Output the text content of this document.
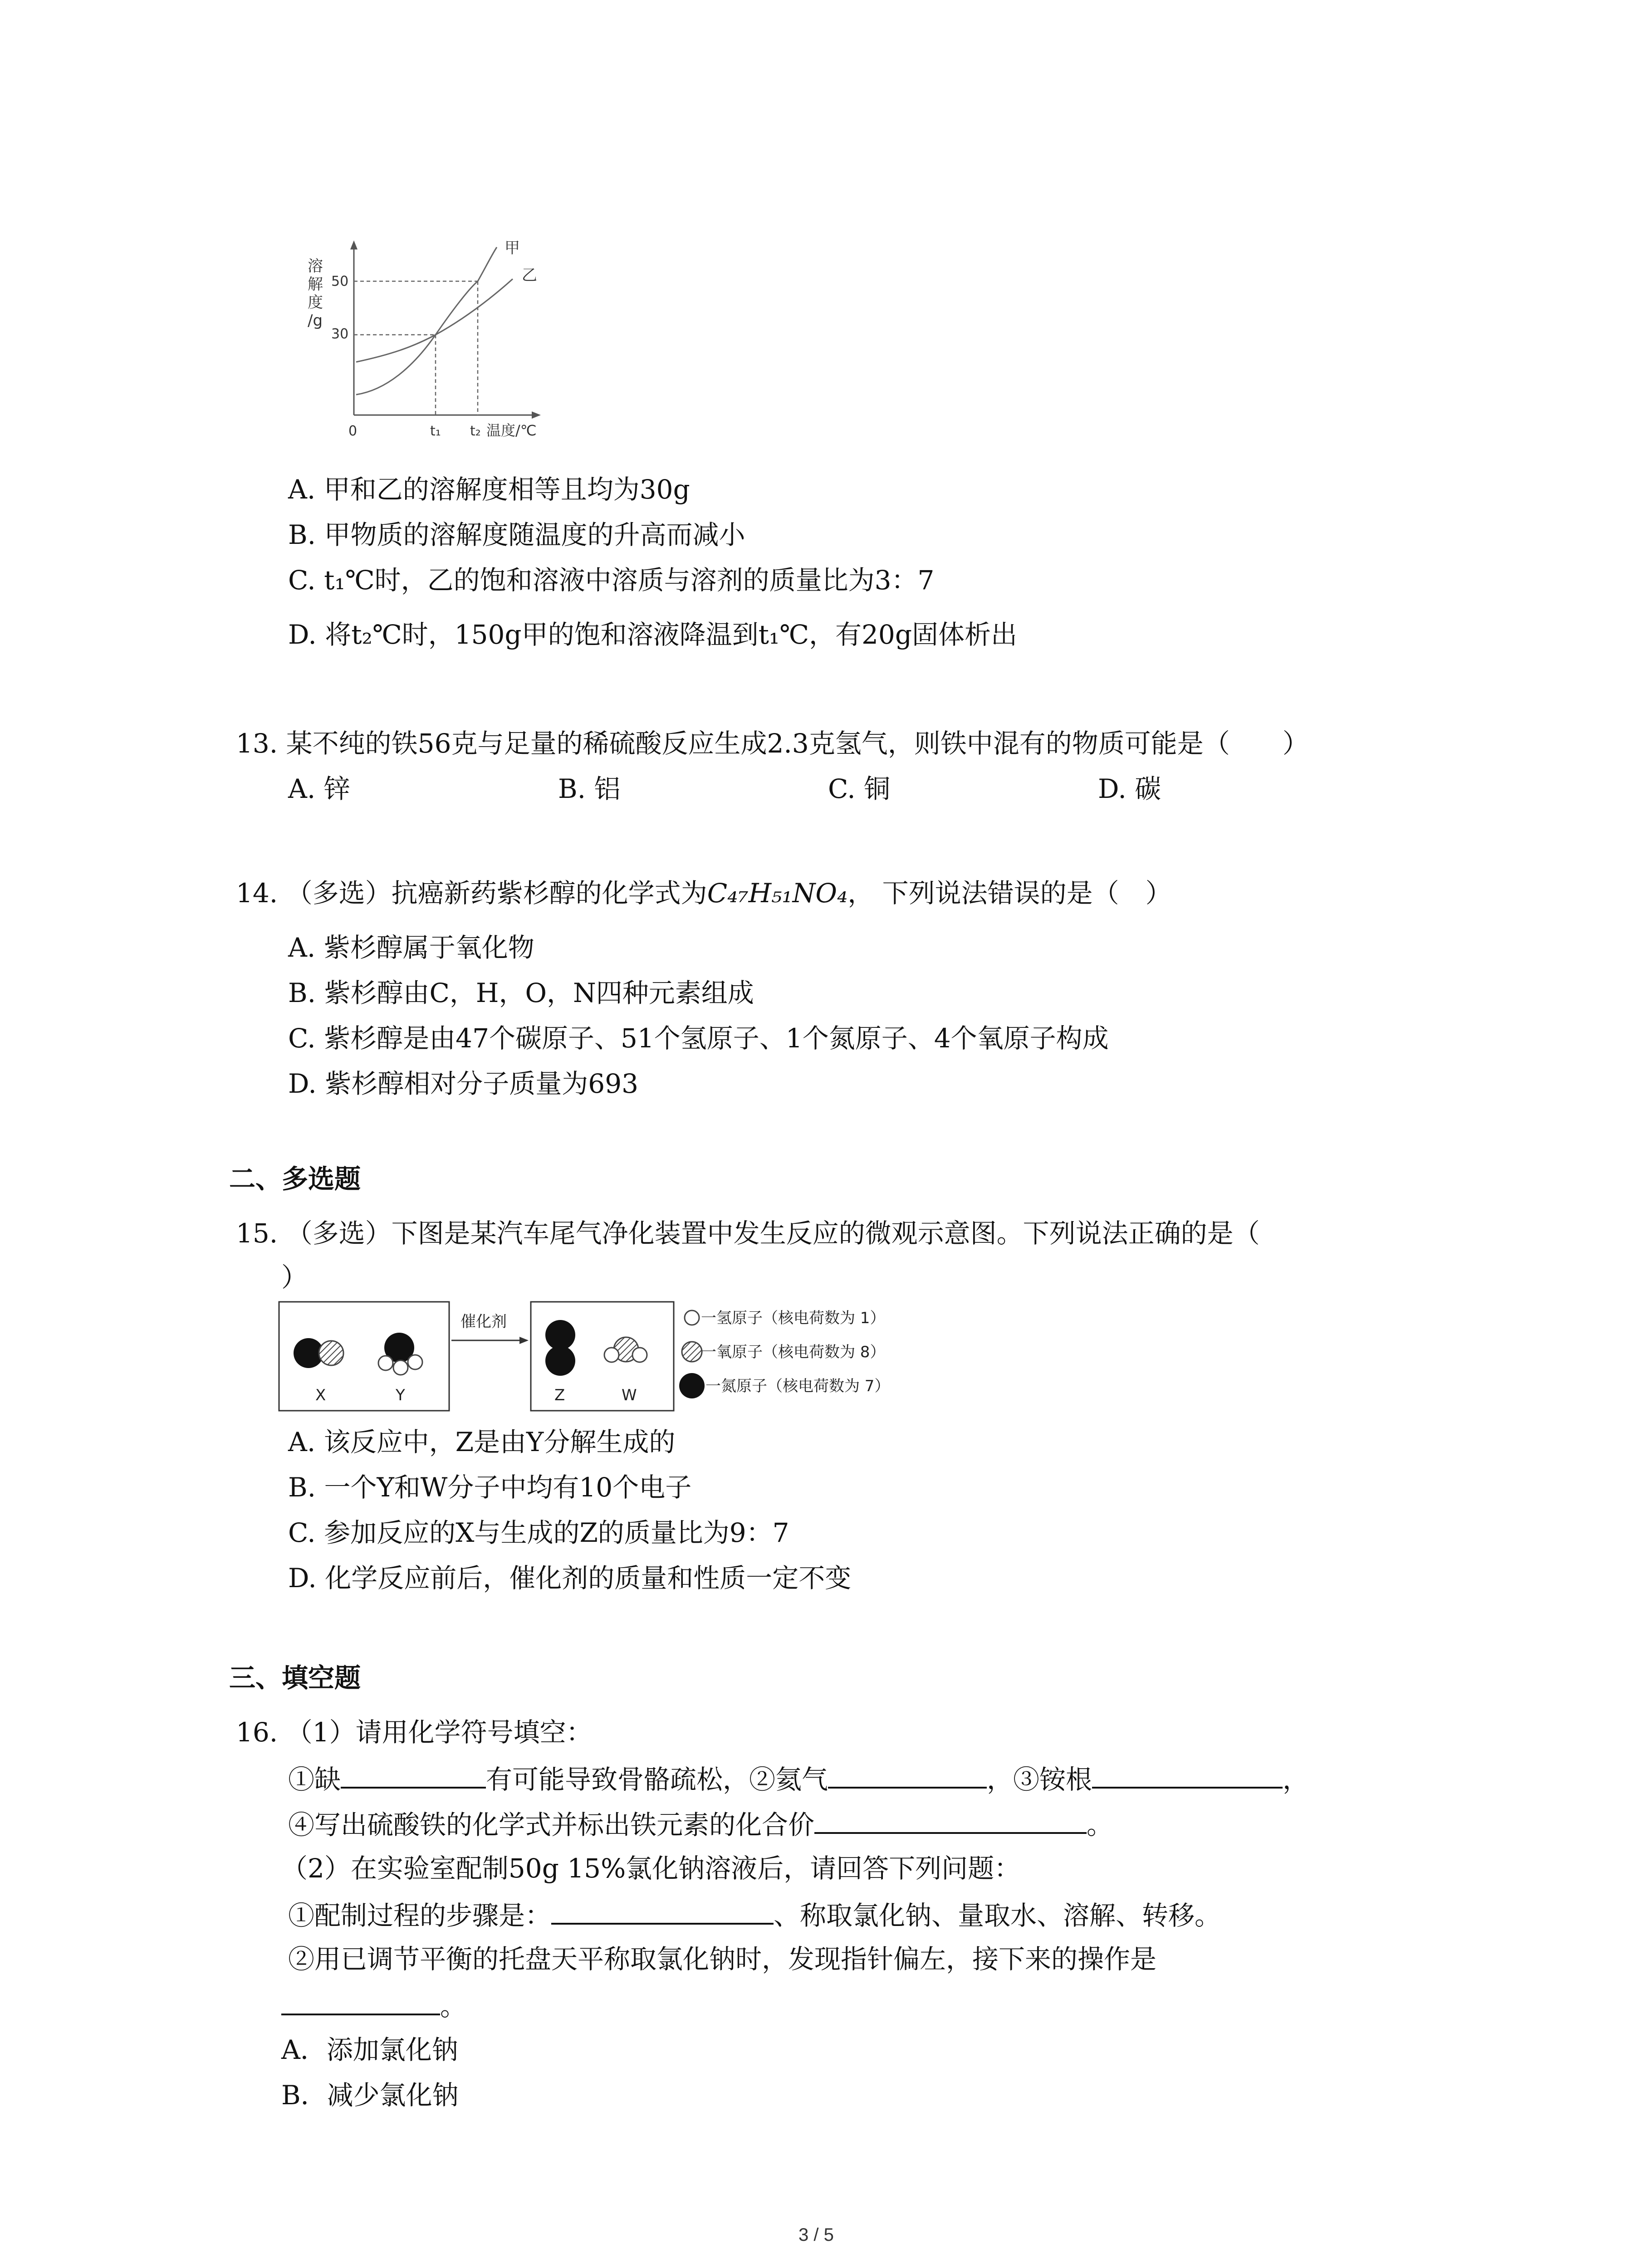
溶
解
度
/g
50
30
甲
乙
0	t₁ t₂ 温度/℃
A. 甲和乙的溶解度相等且均为30g
B. 甲物质的溶解度随温度的升高而减小
C. t₁℃时，乙的饱和溶液中溶质与溶剂的质量比为3：7
D. 将t₂℃时，150g甲的饱和溶液降温到t₁℃，有20g固体析出
13. 某不纯的铁56克与足量的稀硫酸反应生成2.3克氢气，则铁中混有的物质可能是（　　）
A. 锌	B. 铝	C. 铜	D. 碳
14. （多选）抗癌新药紫杉醇的化学式为C₄₇H₅₁NO₄， 下列说法错误的是（　）
A. 紫杉醇属于氧化物
B. 紫杉醇由C，H，O，N四种元素组成
C. 紫杉醇是由47个碳原子、51个氢原子、1个氮原子、4个氧原子构成
D. 紫杉醇相对分子质量为693
二、多选题
15. （多选）下图是某汽车尾气净化装置中发生反应的微观示意图。下列说法正确的是（
）
X	Y
催化剂
Z	W
一氢原子（核电荷数为 1）
一氧原子（核电荷数为 8）
一氮原子（核电荷数为 7）
A. 该反应中，Z是由Y分解生成的
B. 一个Y和W分子中均有10个电子
C. 参加反应的X与生成的Z的质量比为9：7
D. 化学反应前后，催化剂的质量和性质一定不变
三、填空题
16. （1）请用化学符号填空：
①缺	有可能导致骨骼疏松，②氦气	，③铵根	，
④写出硫酸铁的化学式并标出铁元素的化合价	。
（2）在实验室配制50g 15%氯化钠溶液后，请回答下列问题：
①配制过程的步骤是：	、称取氯化钠、量取水、溶解、转移。
②用已调节平衡的托盘天平称取氯化钠时，发现指针偏左，接下来的操作是
。
A．添加氯化钠
B．减少氯化钠
3 / 5
